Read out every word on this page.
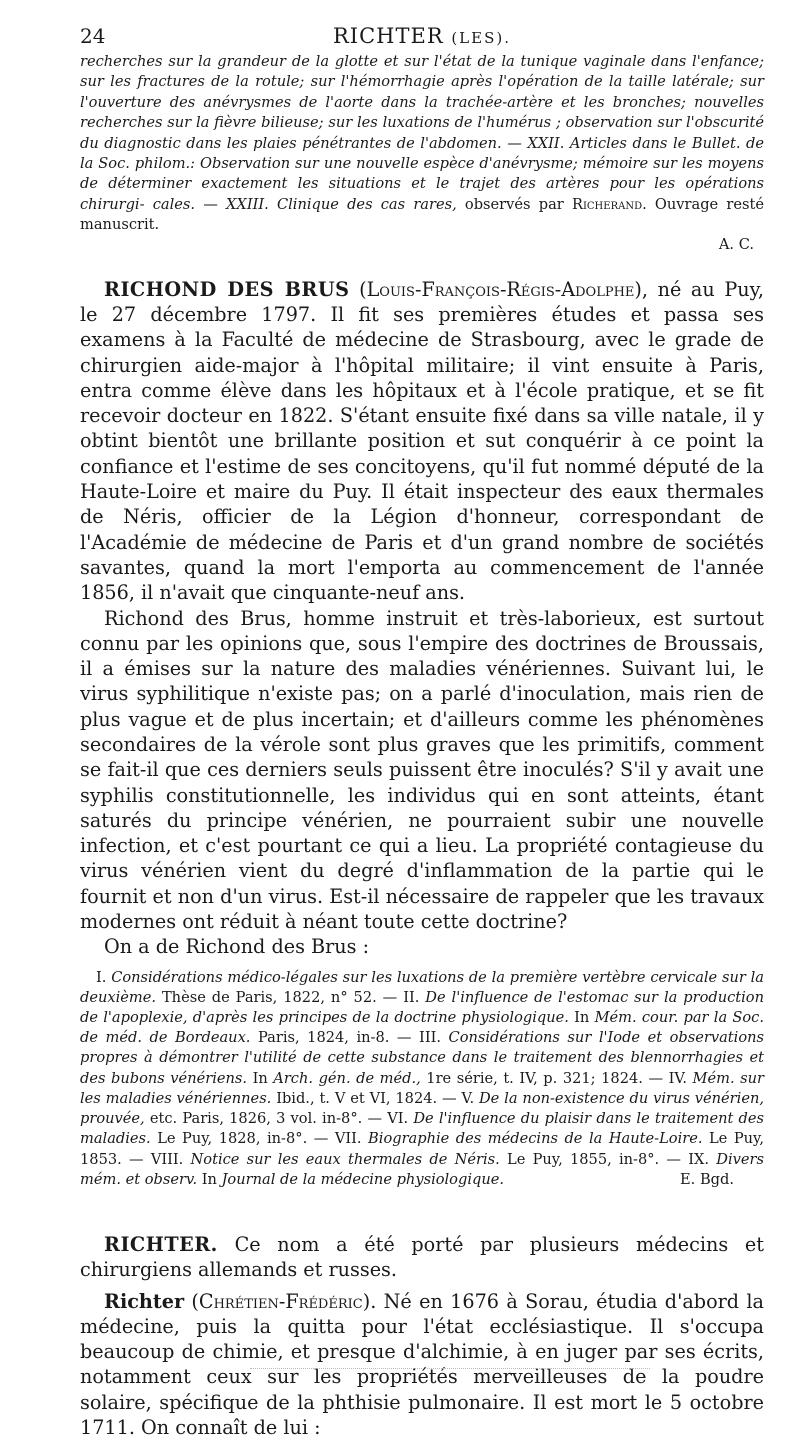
24	RICHTER (LES).
recherches sur la grandeur de la glotte et sur l'état de la tunique vaginale dans l'enfance; sur les fractures de la rotule; sur l'hémorrhagie après l'opération de la taille latérale; sur l'ouverture des anévrysmes de l'aorte dans la trachée-artère et les bronches; nouvelles recherches sur la fièvre bilieuse; sur les luxations de l'humérus ; observation sur l'obscurité du diagnostic dans les plaies pénétrantes de l'abdomen. — XXII. Articles dans le Bullet. de la Soc. philom.: Observation sur une nouvelle espèce d'anévrysme; mémoire sur les moyens de déterminer exactement les situations et le trajet des artères pour les opérations chirurgi- cales. — XXIII. Clinique des cas rares, observés par Richerand. Ouvrage resté manuscrit.
A. C.

RICHOND DES BRUS (Louis-François-Régis-Adolphe), né au Puy, le 27 décembre 1797. Il fit ses premières études et passa ses examens à la Faculté de médecine de Strasbourg, avec le grade de chirurgien aide-major à l'hôpital militaire; il vint ensuite à Paris, entra comme élève dans les hôpitaux et à l'école pratique, et se fit recevoir docteur en 1822. S'étant ensuite fixé dans sa ville natale, il y obtint bientôt une brillante position et sut conquérir à ce point la confiance et l'estime de ses concitoyens, qu'il fut nommé député de la Haute-Loire et maire du Puy. Il était inspecteur des eaux thermales de Néris, officier de la Légion d'honneur, correspondant de l'Académie de médecine de Paris et d'un grand nombre de sociétés savantes, quand la mort l'emporta au commencement de l'année 1856, il n'avait que cinquante-neuf ans.

Richond des Brus, homme instruit et très-laborieux, est surtout connu par les opinions que, sous l'empire des doctrines de Broussais, il a émises sur la nature des maladies vénériennes. Suivant lui, le virus syphilitique n'existe pas; on a parlé d'inoculation, mais rien de plus vague et de plus incertain; et d'ailleurs comme les phénomènes secondaires de la vérole sont plus graves que les primitifs, comment se fait-il que ces derniers seuls puissent être inoculés? S'il y avait une syphilis constitutionnelle, les individus qui en sont atteints, étant saturés du principe vénérien, ne pourraient subir une nouvelle infection, et c'est pourtant ce qui a lieu. La propriété contagieuse du virus vénérien vient du degré d'inflammation de la partie qui le fournit et non d'un virus. Est-il nécessaire de rappeler que les travaux modernes ont réduit à néant toute cette doctrine?

On a de Richond des Brus :

I. Considérations médico-légales sur les luxations de la première vertèbre cervicale sur la deuxième. Thèse de Paris, 1822, n° 52. — II. De l'influence de l'estomac sur la production de l'apoplexie, d'après les principes de la doctrine physiologique. In Mém. cour. par la Soc. de méd. de Bordeaux. Paris, 1824, in-8. — III. Considérations sur l'Iode et observations propres à démontrer l'utilité de cette substance dans le traitement des blennorrhagies et des bubons vénériens. In Arch. gén. de méd., 1re série, t. IV, p. 321; 1824. — IV. Mém. sur les maladies vénériennes. Ibid., t. V et VI, 1824. — V. De la non-existence du virus vénérien, prouvée, etc. Paris, 1826, 3 vol. in-8°. — VI. De l'influence du plaisir dans le traitement des maladies. Le Puy, 1828, in-8°. — VII. Biographie des médecins de la Haute-Loire. Le Puy, 1853. — VIII. Notice sur les eaux thermales de Néris. Le Puy, 1855, in-8°. — IX. Divers mém. et observ. In Journal de la médecine physiologique.	E. Bgd.

RICHTER. Ce nom a été porté par plusieurs médecins et chirurgiens allemands et russes.

Richter (Chrétien-Frédéric). Né en 1676 à Sorau, étudia d'abord la médecine, puis la quitta pour l'état ecclésiastique. Il s'occupa beaucoup de chimie, et presque d'alchimie, à en juger par ses écrits, notamment ceux sur les propriétés merveilleuses de la poudre solaire, spécifique de la phthisie pulmonaire. Il est mort le 5 octobre 1711. On connaît de lui :
